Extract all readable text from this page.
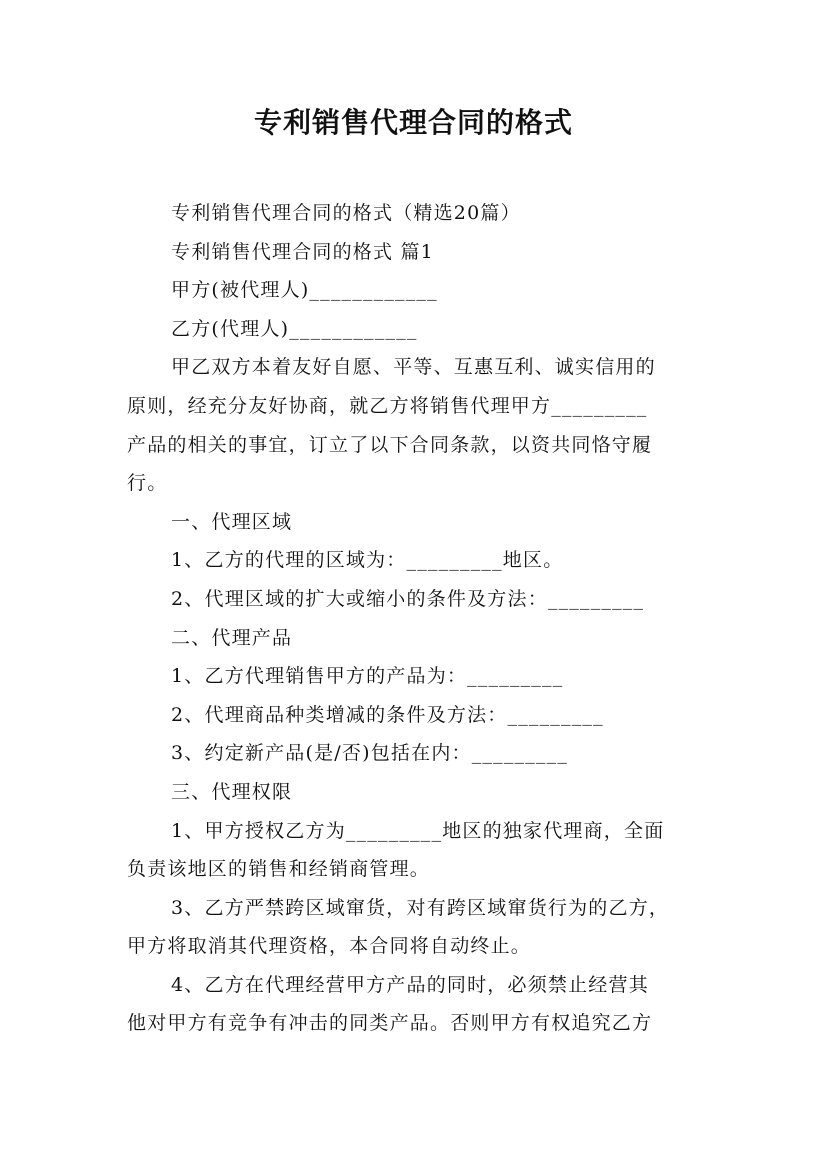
专利销售代理合同的格式
专利销售代理合同的格式（精选20篇）
专利销售代理合同的格式 篇1
甲方(被代理人)____________
乙方(代理人)____________
甲乙双方本着友好自愿、平等、互惠互利、诚实信用的
原则，经充分友好协商，就乙方将销售代理甲方_________
产品的相关的事宜，订立了以下合同条款，以资共同恪守履
行。
一、代理区域
1、乙方的代理的区域为：_________地区。
2、代理区域的扩大或缩小的条件及方法：_________
二、代理产品
1、乙方代理销售甲方的产品为：_________
2、代理商品种类增减的条件及方法：_________
3、约定新产品(是/否)包括在内：_________
三、代理权限
1、甲方授权乙方为_________地区的独家代理商，全面
负责该地区的销售和经销商管理。
3、乙方严禁跨区域窜货，对有跨区域窜货行为的乙方，
甲方将取消其代理资格，本合同将自动终止。
4、乙方在代理经营甲方产品的同时，必须禁止经营其
他对甲方有竞争有冲击的同类产品。否则甲方有权追究乙方
